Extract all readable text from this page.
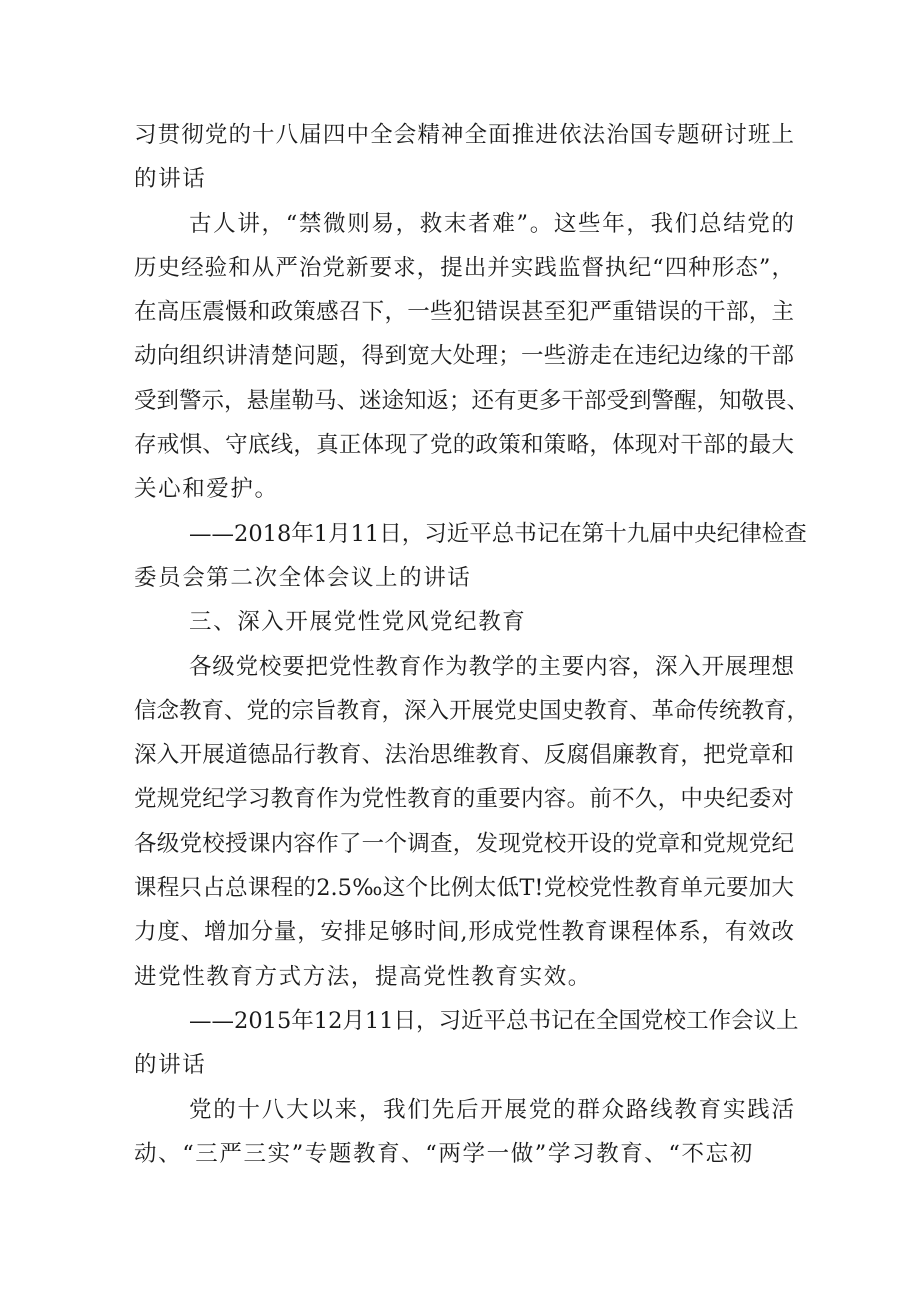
习贯彻党的十八届四中全会精神全面推进依法治国专题研讨班上
的讲话
古人讲，“禁微则易，救末者难”。这些年，我们总结党的
历史经验和从严治党新要求，提出并实践监督执纪“四种形态”，
在高压震慑和政策感召下，一些犯错误甚至犯严重错误的干部，主
动向组织讲清楚问题，得到宽大处理；一些游走在违纪边缘的干部
受到警示，悬崖勒马、迷途知返；还有更多干部受到警醒，知敬畏、
存戒惧、守底线，真正体现了党的政策和策略，体现对干部的最大
关心和爱护。
——2018年1月11日，习近平总书记在第十九届中央纪律检查
委员会第二次全体会议上的讲话
三、深入开展党性党风党纪教育
各级党校要把党性教育作为教学的主要内容，深入开展理想
信念教育、党的宗旨教育，深入开展党史国史教育、革命传统教育，
深入开展道德品行教育、法治思维教育、反腐倡廉教育，把党章和
党规党纪学习教育作为党性教育的重要内容。前不久，中央纪委对
各级党校授课内容作了一个调查，发现党校开设的党章和党规党纪
课程只占总课程的2.5‰这个比例太低T!党校党性教育单元要加大
力度、增加分量，安排足够时间,形成党性教育课程体系，有效改
进党性教育方式方法，提高党性教育实效。
——2015年12月11日，习近平总书记在全国党校工作会议上
的讲话
党的十八大以来，我们先后开展党的群众路线教育实践活
动、“三严三实”专题教育、“两学一做”学习教育、“不忘初
